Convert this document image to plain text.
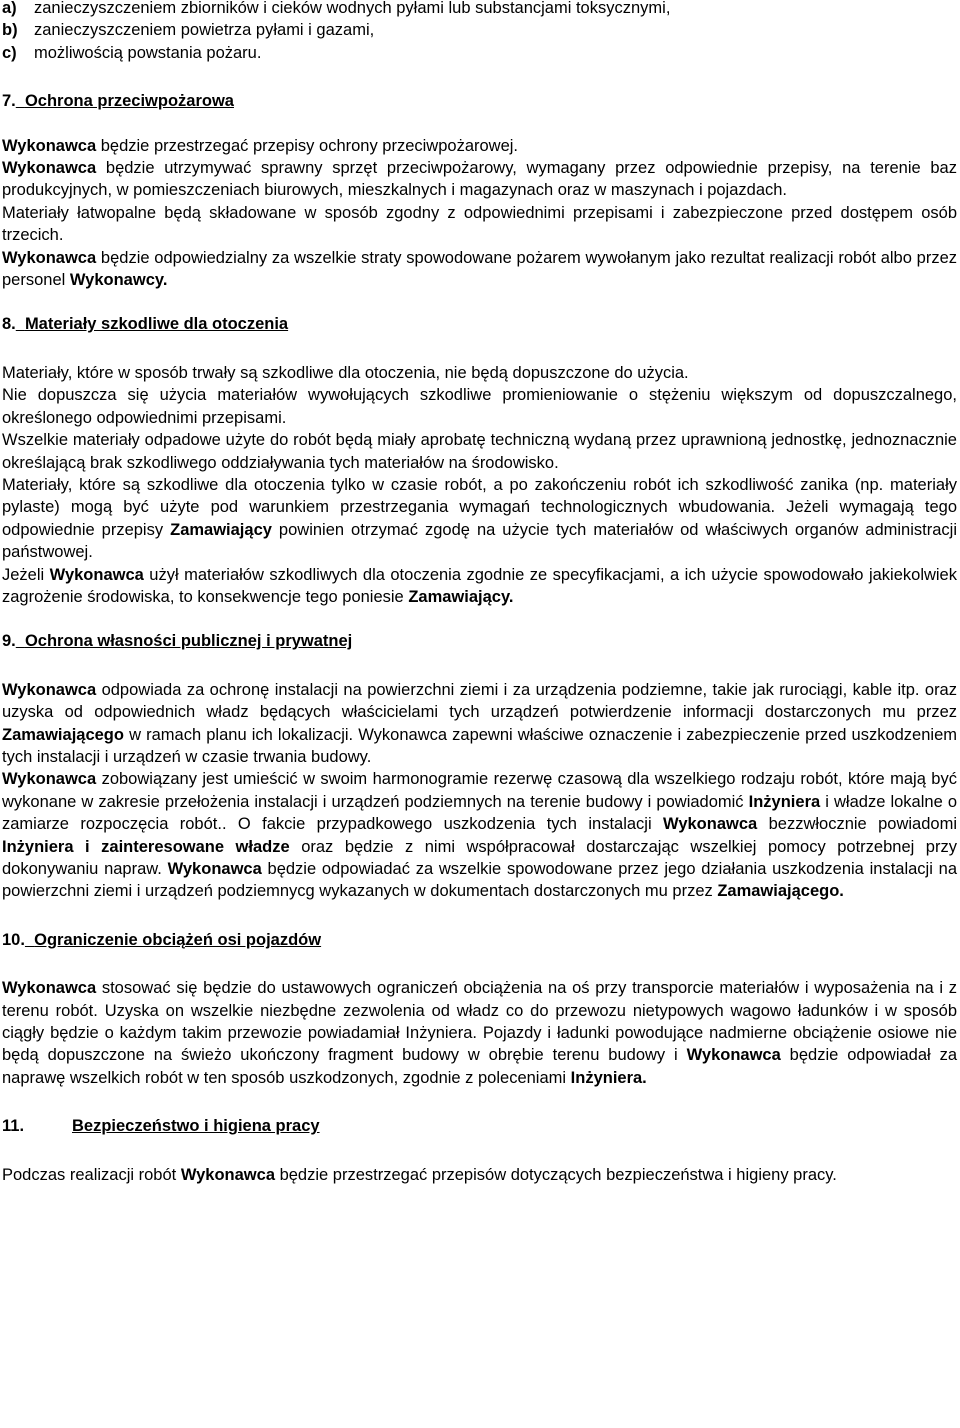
a)	zanieczyszczeniem zbiorników i cieków wodnych pyłami lub substancjami toksycznymi,
b) zanieczyszczeniem powietrza pyłami i gazami,
c)	możliwością powstania pożaru.
7. Ochrona przeciwpożarowa

Wykonawca będzie przestrzegać przepisy ochrony przeciwpożarowej.

Wykonawca będzie utrzymywać sprawny sprzęt przeciwpożarowy, wymagany przez odpowiednie przepisy, na terenie baz produkcyjnych, w pomieszczeniach biurowych, mieszkalnych i magazynach oraz w maszynach i pojazdach.

Materiały łatwopalne będą składowane w sposób zgodny z odpowiednimi przepisami i zabezpieczone przed dostępem osób trzecich.

Wykonawca będzie odpowiedzialny za wszelkie straty spowodowane pożarem wywołanym jako rezultat realizacji robót albo przez personel Wykonawcy.

8. Materiały szkodliwe dla otoczenia

Materiały, które w sposób trwały są szkodliwe dla otoczenia, nie będą dopuszczone do użycia.

Nie dopuszcza się użycia materiałów wywołujących szkodliwe promieniowanie o stężeniu większym od dopuszczalnego, określonego odpowiednimi przepisami.

Wszelkie materiały odpadowe użyte do robót będą miały aprobatę techniczną wydaną przez uprawnioną jednostkę, jednoznacznie określającą brak szkodliwego oddziaływania tych materiałów na środowisko.

Materiały, które są szkodliwe dla otoczenia tylko w czasie robót, a po zakończeniu robót ich szkodliwość zanika (np. materiały pylaste) mogą być użyte pod warunkiem przestrzegania wymagań technologicznych wbudowania. Jeżeli wymagają tego odpowiednie przepisy Zamawiający powinien otrzymać zgodę na użycie tych materiałów od właściwych organów administracji państwowej.

Jeżeli Wykonawca użył materiałów szkodliwych dla otoczenia zgodnie ze specyfikacjami, a ich użycie spowodowało jakiekolwiek zagrożenie środowiska, to konsekwencje tego poniesie Zamawiający.

9. Ochrona własności publicznej i prywatnej

Wykonawca odpowiada za ochronę instalacji na powierzchni ziemi i za urządzenia podziemne, takie jak rurociągi, kable itp. oraz uzyska od odpowiednich władz będących właścicielami tych urządzeń potwierdzenie informacji dostarczonych mu przez Zamawiającego w ramach planu ich lokalizacji. Wykonawca zapewni właściwe oznaczenie i zabezpieczenie przed uszkodzeniem tych instalacji i urządzeń w czasie trwania budowy.

Wykonawca zobowiązany jest umieścić w swoim harmonogramie rezerwę czasową dla wszelkiego rodzaju robót, które mają być wykonane w zakresie przełożenia instalacji i urządzeń podziemnych na terenie budowy i powiadomić Inżyniera i władze lokalne o zamiarze rozpoczęcia robót.. O fakcie przypadkowego uszkodzenia tych instalacji Wykonawca bezzwłocznie powiadomi Inżyniera i zainteresowane władze oraz będzie z nimi współpracował dostarczając wszelkiej pomocy potrzebnej przy dokonywaniu napraw. Wykonawca będzie odpowiadać za wszelkie spowodowane przez jego działania uszkodzenia instalacji na powierzchni ziemi i urządzeń podziemnycg wykazanych w dokumentach dostarczonych mu przez Zamawiającego.

10. Ograniczenie obciążeń osi pojazdów

Wykonawca stosować się będzie do ustawowych ograniczeń obciążenia na oś przy transporcie materiałów i wyposażenia na i z terenu robót. Uzyska on wszelkie niezbędne zezwolenia od władz co do przewozu nietypowych wagowo ładunków i w sposób ciągły będzie o każdym takim przewozie powiadamiał Inżyniera. Pojazdy i ładunki powodujące nadmierne obciążenie osiowe nie będą dopuszczone na świeżo ukończony fragment budowy w obrębie terenu budowy i Wykonawca będzie odpowiadał za naprawę wszelkich robót w ten sposób uszkodzonych, zgodnie z poleceniami Inżyniera.

11.	Bezpieczeństwo i higiena pracy

Podczas realizacji robót Wykonawca będzie przestrzegać przepisów dotyczących bezpieczeństwa i higieny pracy.
